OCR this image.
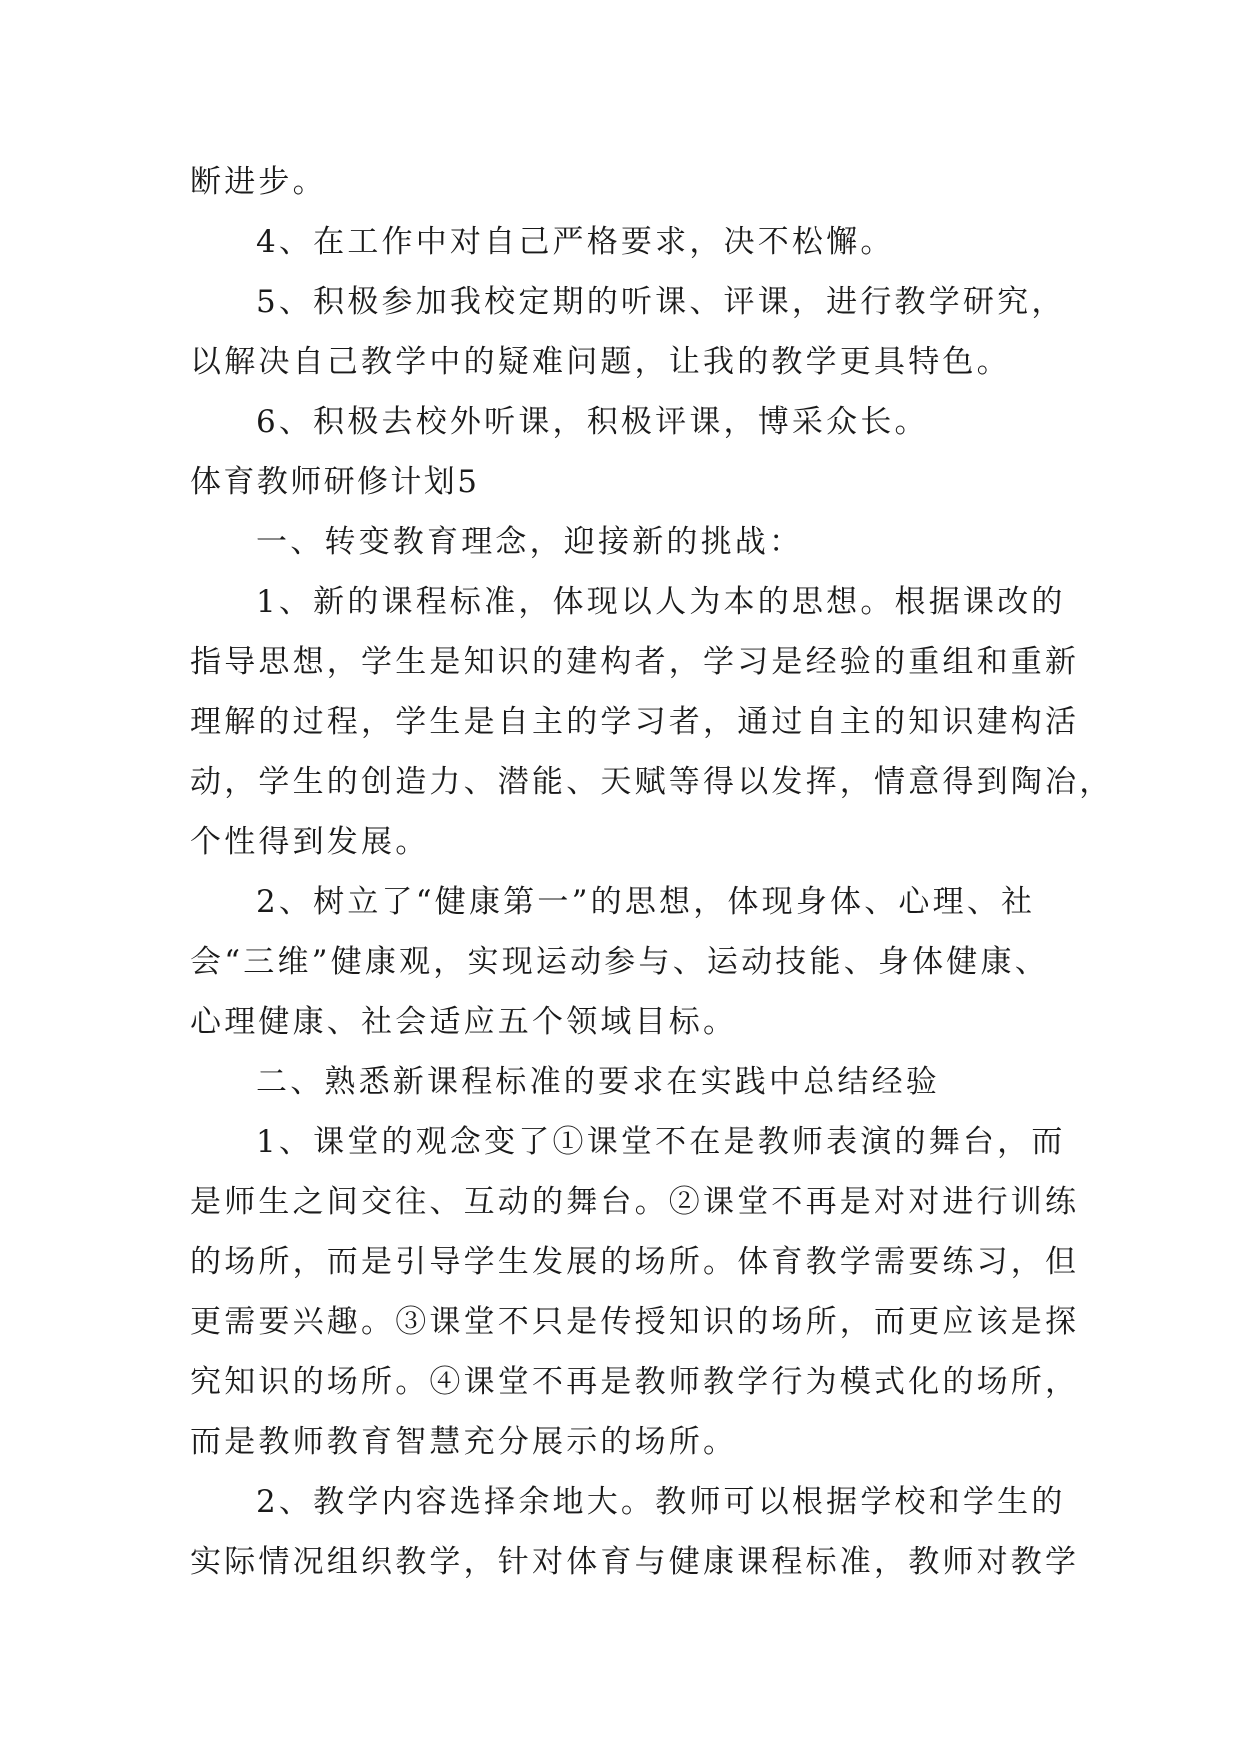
断进步。
4、在工作中对自己严格要求，决不松懈。
5、积极参加我校定期的听课、评课，进行教学研究，
以解决自己教学中的疑难问题，让我的教学更具特色。
6、积极去校外听课，积极评课，博采众长。
体育教师研修计划5
一、转变教育理念，迎接新的挑战：
1、新的课程标准，体现以人为本的思想。根据课改的
指导思想，学生是知识的建构者，学习是经验的重组和重新
理解的过程，学生是自主的学习者，通过自主的知识建构活
动，学生的创造力、潜能、天赋等得以发挥，情意得到陶冶，
个性得到发展。
2、树立了“健康第一”的思想，体现身体、心理、社
会“三维”健康观，实现运动参与、运动技能、身体健康、
心理健康、社会适应五个领域目标。
二、熟悉新课程标准的要求在实践中总结经验
1、课堂的观念变了①课堂不在是教师表演的舞台，而
是师生之间交往、互动的舞台。②课堂不再是对对进行训练
的场所，而是引导学生发展的场所。体育教学需要练习，但
更需要兴趣。③课堂不只是传授知识的场所，而更应该是探
究知识的场所。④课堂不再是教师教学行为模式化的场所，
而是教师教育智慧充分展示的场所。
2、教学内容选择余地大。教师可以根据学校和学生的
实际情况组织教学，针对体育与健康课程标准，教师对教学
